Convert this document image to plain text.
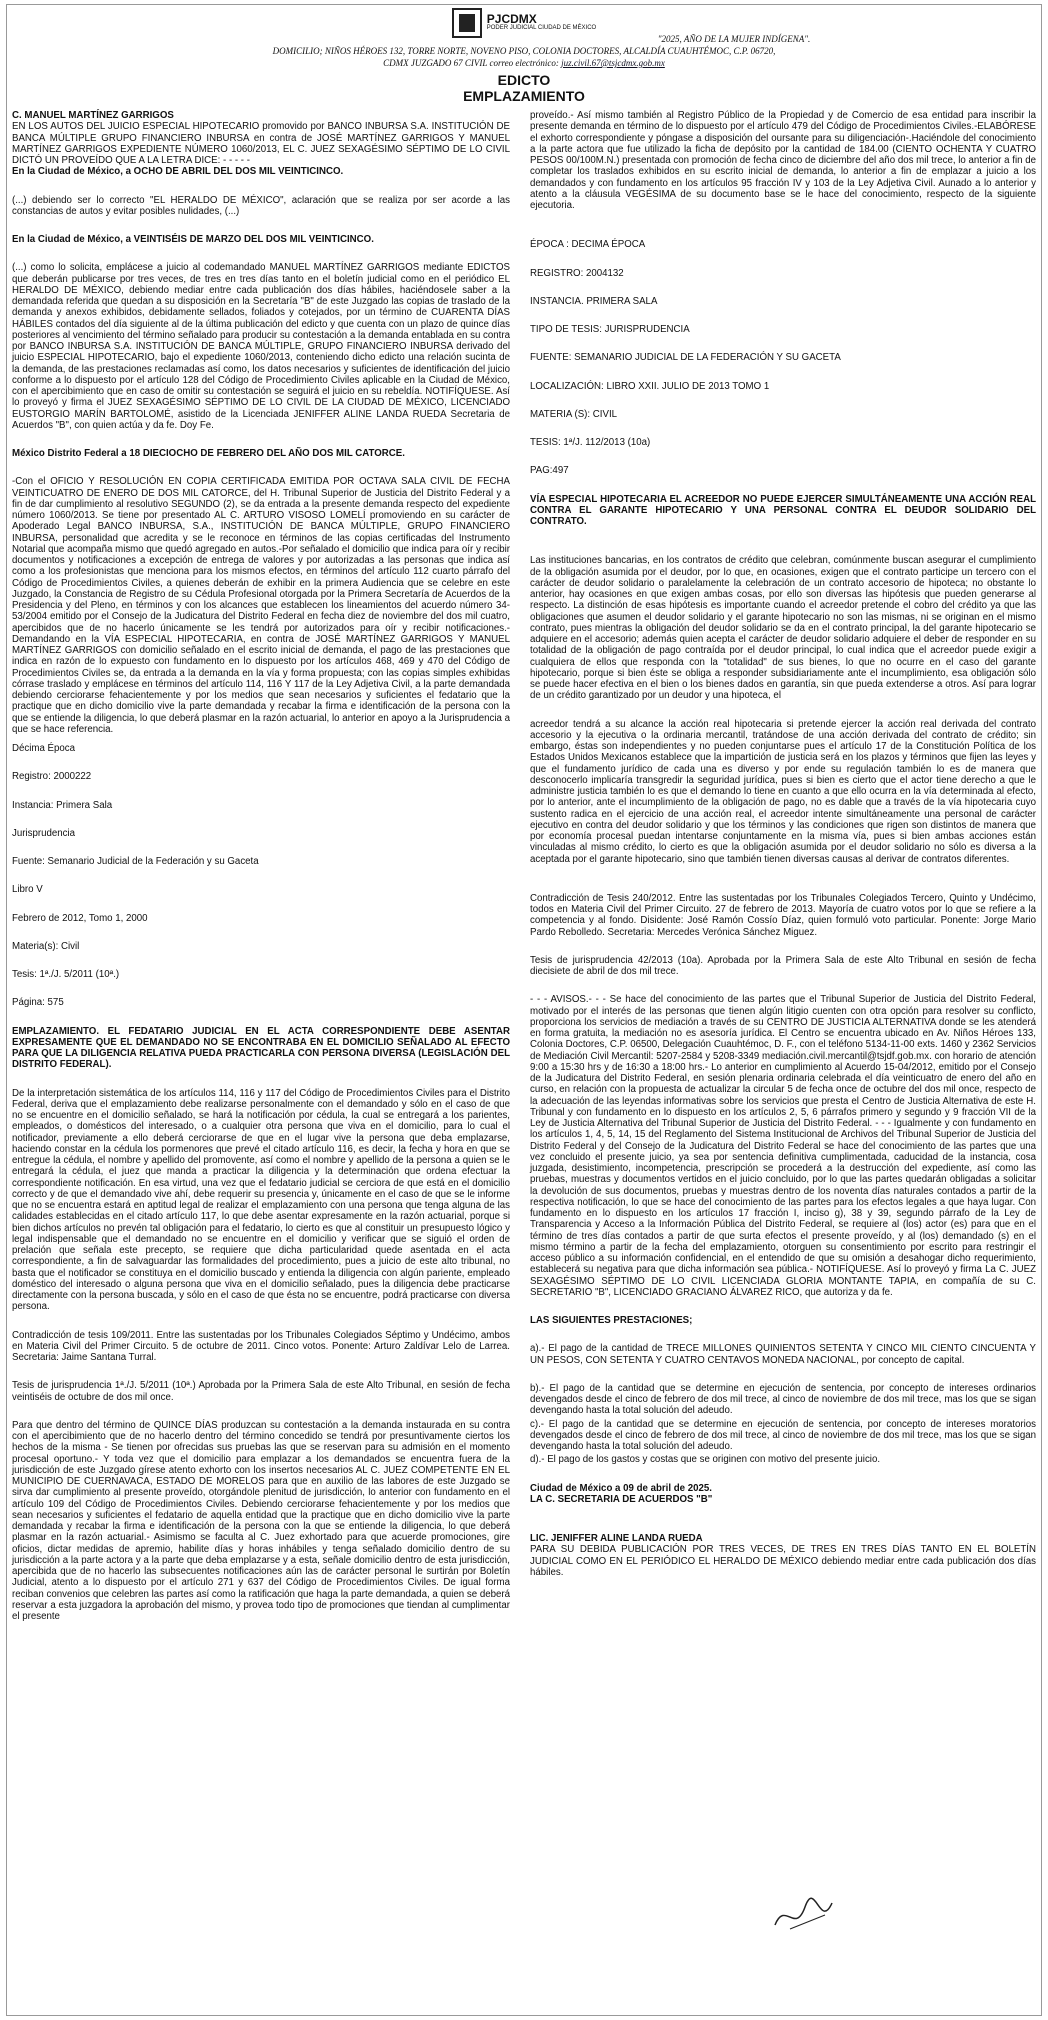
PJCDMX
PODER JUDICIAL CIUDAD DE MÉXICO
"2025, AÑO DE LA MUJER INDÍGENA".
DOMICILIO; NIÑOS HÉROES 132, TORRE NORTE, NOVENO PISO, COLONIA DOCTORES, ALCALDÍA CUAUHTÉMOC, C.P. 06720,
CDMX JUZGADO 67 CIVIL correo electrónico: juz.civil.67@tsjcdmx.gob.mx
EDICTO
EMPLAZAMIENTO

C. MANUEL MARTÍNEZ GARRIGOS

EN LOS AUTOS DEL JUICIO ESPECIAL HIPOTECARIO promovido por BANCO INBURSA S.A. INSTITUCIÓN DE BANCA MÚLTIPLE GRUPO FINANCIERO INBURSA en contra de JOSÉ MARTÍNEZ GARRIGOS Y MANUEL MARTÍNEZ GARRIGOS EXPEDIENTE NÚMERO 1060/2013, EL C. JUEZ SEXAGÉSIMO SÉPTIMO DE LO CIVIL DICTÓ UN PROVEÍDO QUE A LA LETRA DICE: - - - - -

En la Ciudad de México, a OCHO DE ABRIL DEL DOS MIL VEINTICINCO.

(...) debiendo ser lo correcto "EL HERALDO DE MÉXICO", aclaración que se realiza por ser acorde a las constancias de autos y evitar posibles nulidades, (...)

En la Ciudad de México, a VEINTISÉIS DE MARZO DEL DOS MIL VEINTICINCO.

(...) como lo solicita, emplácese a juicio al codemandado MANUEL MARTÍNEZ GARRIGOS mediante EDICTOS que deberán publicarse por tres veces, de tres en tres días tanto en el boletín judicial como en el periódico EL HERALDO DE MÉXICO, debiendo mediar entre cada publicación dos días hábiles, haciéndosele saber a la demandada referida que quedan a su disposición en la Secretaría "B" de este Juzgado las copias de traslado de la demanda y anexos exhibidos, debidamente sellados, foliados y cotejados, por un término de CUARENTA DÍAS HÁBILES contados del día siguiente al de la última publicación del edicto y que cuenta con un plazo de quince días posteriores al vencimiento del término señalado para producir su contestación a la demanda entablada en su contra por BANCO INBURSA S.A. INSTITUCIÓN DE BANCA MÚLTIPLE, GRUPO FINANCIERO INBURSA derivado del juicio ESPECIAL HIPOTECARIO, bajo el expediente 1060/2013, conteniendo dicho edicto una relación sucinta de la demanda, de las prestaciones reclamadas así como, los datos necesarios y suficientes de identificación del juicio conforme a lo dispuesto por el artículo 128 del Código de Procedimiento Civiles aplicable en la Ciudad de México, con el apercibimiento que en caso de omitir su contestación se seguirá el juicio en su rebeldía. NOTIFÍQUESE. Así lo proveyó y firma el JUEZ SEXAGÉSIMO SÉPTIMO DE LO CIVIL DE LA CIUDAD DE MÉXICO, LICENCIADO EUSTORGIO MARÍN BARTOLOMÉ, asistido de la Licenciada JENIFFER ALINE LANDA RUEDA Secretaria de Acuerdos "B", con quien actúa y da fe. Doy Fe.

México Distrito Federal a 18 DIECIOCHO DE FEBRERO DEL AÑO DOS MIL CATORCE.

-Con el OFICIO Y RESOLUCIÓN EN COPIA CERTIFICADA EMITIDA POR OCTAVA SALA CIVIL DE FECHA VEINTICUATRO DE ENERO DE DOS MIL CATORCE, del H. Tribunal Superior de Justicia del Distrito Federal y a fin de dar cumplimiento al resolutivo SEGUNDO (2), se da entrada a la presente demanda respecto del expediente número 1060/2013. Se tiene por presentado AL C. ARTURO VISOSO LOMELÍ promoviendo en su carácter de Apoderado Legal BANCO INBURSA, S.A., INSTITUCIÓN DE BANCA MÚLTIPLE, GRUPO FINANCIERO INBURSA, personalidad que acredita y se le reconoce en términos de las copias certificadas del Instrumento Notarial que acompaña mismo que quedó agregado en autos.-Por señalado el domicilio que indica para oír y recibir documentos y notificaciones a excepción de entrega de valores y por autorizadas a las personas que indica así como a los profesionistas que menciona para los mismos efectos, en términos del artículo 112 cuarto párrafo del Código de Procedimientos Civiles, a quienes deberán de exhibir en la primera Audiencia que se celebre en este Juzgado, la Constancia de Registro de su Cédula Profesional otorgada por la Primera Secretaría de Acuerdos de la Presidencia y del Pleno, en términos y con los alcances que establecen los lineamientos del acuerdo número 34-53/2004 emitido por el Consejo de la Judicatura del Distrito Federal en fecha diez de noviembre del dos mil cuatro, apercibidos que de no hacerlo únicamente se les tendrá por autorizados para oír y recibir notificaciones.-Demandando en la VÍA ESPECIAL HIPOTECARIA, en contra de JOSÉ MARTÍNEZ GARRIGOS Y MANUEL MARTÍNEZ GARRIGOS con domicilio señalado en el escrito inicial de demanda, el pago de las prestaciones que indica en razón de lo expuesto con fundamento en lo dispuesto por los artículos 468, 469 y 470 del Código de Procedimientos Civiles se, da entrada a la demanda en la vía y forma propuesta; con las copias simples exhibidas córrase traslado y emplácese en términos del artículo 114, 116 Y 117 de la Ley Adjetiva Civil, a la parte demandada debiendo cerciorarse fehacientemente y por los medios que sean necesarios y suficientes el fedatario que la practique que en dicho domicilio vive la parte demandada y recabar la firma e identificación de la persona con la que se entiende la diligencia, lo que deberá plasmar en la razón actuarial, lo anterior en apoyo a la Jurisprudencia a que se hace referencia.

Décima Época

Registro: 2000222

Instancia: Primera Sala

Jurisprudencia

Fuente: Semanario Judicial de la Federación y su Gaceta

Libro V

Febrero de 2012, Tomo 1, 2000

Materia(s): Civil

Tesis: 1ª./J. 5/2011 (10ª.)

Página: 575

EMPLAZAMIENTO. EL FEDATARIO JUDICIAL EN EL ACTA CORRESPONDIENTE DEBE ASENTAR EXPRESAMENTE QUE EL DEMANDADO NO SE ENCONTRABA EN EL DOMICILIO SEÑALADO AL EFECTO PARA QUE LA DILIGENCIA RELATIVA PUEDA PRACTICARLA CON PERSONA DIVERSA (LEGISLACIÓN DEL DISTRITO FEDERAL).

De la interpretación sistemática de los artículos 114, 116 y 117 del Código de Procedimientos Civiles para el Distrito Federal, deriva que el emplazamiento debe realizarse personalmente con el demandado y sólo en el caso de que no se encuentre en el domicilio señalado, se hará la notificación por cédula, la cual se entregará a los parientes, empleados, o domésticos del interesado, o a cualquier otra persona que viva en el domicilio, para lo cual el notificador, previamente a ello deberá cerciorarse de que en el lugar vive la persona que deba emplazarse, haciendo constar en la cédula los pormenores que prevé el citado artículo 116, es decir, la fecha y hora en que se entregue la cédula, el nombre y apellido del promovente, así como el nombre y apellido de la persona a quien se le entregará la cédula, el juez que manda a practicar la diligencia y la determinación que ordena efectuar la correspondiente notificación. En esa virtud, una vez que el fedatario judicial se cerciora de que está en el domicilio correcto y de que el demandado vive ahí, debe requerir su presencia y, únicamente en el caso de que se le informe que no se encuentra estará en aptitud legal de realizar el emplazamiento con una persona que tenga alguna de las calidades establecidas en el citado artículo 117, lo que debe asentar expresamente en la razón actuarial, porque si bien dichos artículos no prevén tal obligación para el fedatario, lo cierto es que al constituir un presupuesto lógico y legal indispensable que el demandado no se encuentre en el domicilio y verificar que se siguió el orden de prelación que señala este precepto, se requiere que dicha particularidad quede asentada en el acta correspondiente, a fin de salvaguardar las formalidades del procedimiento, pues a juicio de este alto tribunal, no basta que el notificador se constituya en el domicilio buscado y entienda la diligencia con algún pariente, empleado doméstico del interesado o alguna persona que viva en el domicilio señalado, pues la diligencia debe practicarse directamente con la persona buscada, y sólo en el caso de que ésta no se encuentre, podrá practicarse con diversa persona.

Contradicción de tesis 109/2011. Entre las sustentadas por los Tribunales Colegiados Séptimo y Undécimo, ambos en Materia Civil del Primer Circuito. 5 de octubre de 2011. Cinco votos. Ponente: Arturo Zaldívar Lelo de Larrea. Secretaria: Jaime Santana Turral.

Tesis de jurisprudencia 1ª./J. 5/2011 (10ª.) Aprobada por la Primera Sala de este Alto Tribunal, en sesión de fecha veintiséis de octubre de dos mil once.

Para que dentro del término de QUINCE DÍAS produzcan su contestación a la demanda instaurada en su contra con el apercibimiento que de no hacerlo dentro del término concedido se tendrá por presuntivamente ciertos los hechos de la misma - Se tienen por ofrecidas sus pruebas las que se reservan para su admisión en el momento procesal oportuno.- Y toda vez que el domicilio para emplazar a los demandados se encuentra fuera de la jurisdicción de este Juzgado gírese atento exhorto con los insertos necesarios AL C. JUEZ COMPETENTE EN EL MUNICIPIO DE CUERNAVACA, ESTADO DE MORELOS para que en auxilio de las labores de este Juzgado se sirva dar cumplimiento al presente proveído, otorgándole plenitud de jurisdicción, lo anterior con fundamento en el artículo 109 del Código de Procedimientos Civiles. Debiendo cerciorarse fehacientemente y por los medios que sean necesarios y suficientes el fedatario de aquella entidad que la practique que en dicho domicilio vive la parte demandada y recabar la firma e identificación de la persona con la que se entiende la diligencia, lo que deberá plasmar en la razón actuarial.- Asimismo se faculta al C. Juez exhortado para que acuerde promociones, gire oficios, dictar medidas de apremio, habilite días y horas inhábiles y tenga señalado domicilio dentro de su jurisdicción a la parte actora y a la parte que deba emplazarse y a esta, señale domicilio dentro de esta jurisdicción, apercibida que de no hacerlo las subsecuentes notificaciones aún las de carácter personal le surtirán por Boletín Judicial, atento a lo dispuesto por el artículo 271 y 637 del Código de Procedimientos Civiles. De igual forma reciban convenios que celebren las partes así como la ratificación que haga la parte demandada, a quien se deberá reservar a esta juzgadora la aprobación del mismo, y provea todo tipo de promociones que tiendan al cumplimentar el presente

proveído.- Así mismo también al Registro Público de la Propiedad y de Comercio de esa entidad para inscribir la presente demanda en término de lo dispuesto por el artículo 479 del Código de Procedimientos Civiles.-ELABÓRESE el exhorto correspondiente y póngase a disposición del oursante para su diligenciación-.Haciéndole del conocimiento a la parte actora que fue utilizado la ficha de depósito por la cantidad de 184.00 (CIENTO OCHENTA Y CUATRO PESOS 00/100M.N.) presentada con promoción de fecha cinco de diciembre del año dos mil trece, lo anterior a fin de completar los traslados exhibidos en su escrito inicial de demanda, lo anterior a fin de emplazar a juicio a los demandados y con fundamento en los artículos 95 fracción IV y 103 de la Ley Adjetiva Civil. Aunado a lo anterior y atento a la cláusula VEGÉSIMA de su documento base se le hace del conocimiento, respecto de la siguiente ejecutoria.

ÉPOCA : DECIMA ÉPOCA

REGISTRO: 2004132

INSTANCIA. PRIMERA SALA

TIPO DE TESIS: JURISPRUDENCIA

FUENTE: SEMANARIO JUDICIAL DE LA FEDERACIÓN Y SU GACETA

LOCALIZACIÓN: LIBRO XXII. JULIO DE 2013 TOMO 1

MATERIA (S): CIVIL

TESIS: 1ª/J. 112/2013 (10a)

PAG:497

VÍA ESPECIAL HIPOTECARIA EL ACREEDOR NO PUEDE EJERCER SIMULTÁNEAMENTE UNA ACCIÓN REAL CONTRA EL GARANTE HIPOTECARIO Y UNA PERSONAL CONTRA EL DEUDOR SOLIDARIO DEL CONTRATO.

Las instituciones bancarias, en los contratos de crédito que celebran, comúnmente buscan asegurar el cumplimiento de la obligación asumida por el deudor, por lo que, en ocasiones, exigen que el contrato participe un tercero con el carácter de deudor solidario o paralelamente la celebración de un contrato accesorio de hipoteca; no obstante lo anterior, hay ocasiones en que exigen ambas cosas, por ello son diversas las hipótesis que pueden generarse al respecto. La distinción de esas hipótesis es importante cuando el acreedor pretende el cobro del crédito ya que las obligaciones que asumen el deudor solidario y el garante hipotecario no son las mismas, ni se originan en el mismo contrato, pues mientras la obligación del deudor solidario se da en el contrato principal, la del garante hipotecario se adquiere en el accesorio; además quien acepta el carácter de deudor solidario adquiere el deber de responder en su totalidad de la obligación de pago contraída por el deudor principal, lo cual indica que el acreedor puede exigir a cualquiera de ellos que responda con la "totalidad" de sus bienes, lo que no ocurre en el caso del garante hipotecario, porque si bien éste se obliga a responder subsidiariamente ante el incumplimiento, esa obligación sólo se puede hacer efectiva en el bien o los bienes dados en garantía, sin que pueda extenderse a otros. Así para lograr de un crédito garantizado por un deudor y una hipoteca, el

acreedor tendrá a su alcance la acción real hipotecaria si pretende ejercer la acción real derivada del contrato accesorio y la ejecutiva o la ordinaria mercantil, tratándose de una acción derivada del contrato de crédito; sin embargo, éstas son independientes y no pueden conjuntarse pues el artículo 17 de la Constitución Política de los Estados Unidos Mexicanos establece que la impartición de justicia será en los plazos y términos que fijen las leyes y que el fundamento jurídico de cada una es diverso y por ende su regulación también lo es de manera que desconocerlo implicaría transgredir la seguridad jurídica, pues si bien es cierto que el actor tiene derecho a que le administre justicia también lo es que el demando lo tiene en cuanto a que ello ocurra en la vía determinada al efecto, por lo anterior, ante el incumplimiento de la obligación de pago, no es dable que a través de la vía hipotecaria cuyo sustento radica en el ejercicio de una acción real, el acreedor intente simultáneamente una personal de carácter ejecutivo en contra del deudor solidario y que los términos y las condiciones que rigen son distintos de manera que por economía procesal puedan intentarse conjuntamente en la misma vía, pues si bien ambas acciones están vinculadas al mismo crédito, lo cierto es que la obligación asumida por el deudor solidario no sólo es diversa a la aceptada por el garante hipotecario, sino que también tienen diversas causas al derivar de contratos diferentes.

Contradicción de Tesis 240/2012. Entre las sustentadas por los Tribunales Colegiados Tercero, Quinto y Undécimo, todos en Materia Civil del Primer Circuito. 27 de febrero de 2013. Mayoría de cuatro votos por lo que se refiere a la competencia y al fondo. Disidente: José Ramón Cossío Díaz, quien formuló voto particular. Ponente: Jorge Mario Pardo Rebolledo. Secretaria: Mercedes Verónica Sánchez Miguez.

Tesis de jurisprudencia 42/2013 (10a). Aprobada por la Primera Sala de este Alto Tribunal en sesión de fecha diecisiete de abril de dos mil trece.

- - - AVISOS.- - - Se hace del conocimiento de las partes que el Tribunal Superior de Justicia del Distrito Federal, motivado por el interés de las personas que tienen algún litigio cuenten con otra opción para resolver su conflicto, proporciona los servicios de mediación a través de su CENTRO DE JUSTICIA ALTERNATIVA donde se les atenderá en forma gratuita, la mediación no es asesoría jurídica. El Centro se encuentra ubicado en Av. Niños Héroes 133, Colonia Doctores, C.P. 06500, Delegación Cuauhtémoc, D. F., con el teléfono 5134-11-00 exts. 1460 y 2362 Servicios de Mediación Civil Mercantil: 5207-2584 y 5208-3349 mediación.civil.mercantil@tsjdf.gob.mx. con horario de atención 9:00 a 15:30 hrs y de 16:30 a 18:00 hrs.- Lo anterior en cumplimiento al Acuerdo 15-04/2012, emitido por el Consejo de la Judicatura del Distrito Federal, en sesión plenaria ordinaria celebrada el día veinticuatro de enero del año en curso, en relación con la propuesta de actualizar la circular 5 de fecha once de octubre del dos mil once, respecto de la adecuación de las leyendas informativas sobre los servicios que presta el Centro de Justicia Alternativa de este H. Tribunal y con fundamento en lo dispuesto en los artículos 2, 5, 6 párrafos primero y segundo y 9 fracción VII de la Ley de Justicia Alternativa del Tribunal Superior de Justicia del Distrito Federal. - - - Igualmente y con fundamento en los artículos 1, 4, 5, 14, 15 del Reglamento del Sistema Institucional de Archivos del Tribunal Superior de Justicia del Distrito Federal y del Consejo de la Judicatura del Distrito Federal se hace del conocimiento de las partes que una vez concluido el presente juicio, ya sea por sentencia definitiva cumplimentada, caducidad de la instancia, cosa juzgada, desistimiento, incompetencia, prescripción se procederá a la destrucción del expediente, así como las pruebas, muestras y documentos vertidos en el juicio concluido, por lo que las partes quedarán obligadas a solicitar la devolución de sus documentos, pruebas y muestras dentro de los noventa días naturales contados a partir de la respectiva notificación, lo que se hace del conocimiento de las partes para los efectos legales a que haya lugar. Con fundamento en lo dispuesto en los artículos 17 fracción I, inciso g), 38 y 39, segundo párrafo de la Ley de Transparencia y Acceso a la Información Pública del Distrito Federal, se requiere al (los) actor (es) para que en el término de tres días contados a partir de que surta efectos el presente proveído, y al (los) demandado (s) en el mismo término a partir de la fecha del emplazamiento, otorguen su consentimiento por escrito para restringir el acceso público a su información confidencial, en el entendido de que su omisión a desahogar dicho requerimiento, establecerá su negativa para que dicha información sea pública.- NOTIFÍQUESE. Así lo proveyó y firma La C. JUEZ SEXAGÉSIMO SÉPTIMO DE LO CIVIL LICENCIADA GLORIA MONTANTE TAPIA, en compañía de su C. SECRETARIO "B", LICENCIADO GRACIANO ÁLVAREZ RICO, que autoriza y da fe.

LAS SIGUIENTES PRESTACIONES;

a).- El pago de la cantidad de TRECE MILLONES QUINIENTOS SETENTA Y CINCO MIL CIENTO CINCUENTA Y UN PESOS, CON SETENTA Y CUATRO CENTAVOS MONEDA NACIONAL, por concepto de capital.

b).- El pago de la cantidad que se determine en ejecución de sentencia, por concepto de intereses ordinarios devengados desde el cinco de febrero de dos mil trece, al cinco de noviembre de dos mil trece, mas los que se sigan devengando hasta la total solución del adeudo.

c).- El pago de la cantidad que se determine en ejecución de sentencia, por concepto de intereses moratorios devengados desde el cinco de febrero de dos mil trece, al cinco de noviembre de dos mil trece, mas los que se sigan devengando hasta la total solución del adeudo.

d).- El pago de los gastos y costas que se originen con motivo del presente juicio.

Ciudad de México a 09 de abril de 2025.

LA C. SECRETARIA DE ACUERDOS "B"

LIC. JENIFFER ALINE LANDA RUEDA

PARA SU DEBIDA PUBLICACIÓN POR TRES VECES, DE TRES EN TRES DÍAS TANTO EN EL BOLETÍN JUDICIAL COMO EN EL PERIÓDICO EL HERALDO DE MÉXICO debiendo mediar entre cada publicación dos días hábiles.
